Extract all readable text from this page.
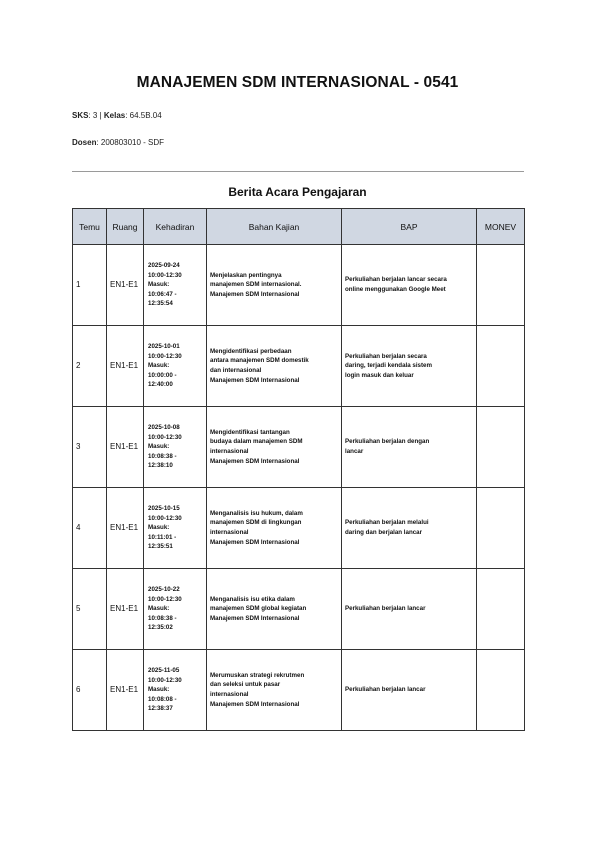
MANAJEMEN SDM INTERNASIONAL - 0541
SKS: 3 | Kelas: 64.5B.04
Dosen: 200803010 - SDF
Berita Acara Pengajaran
Temu	Ruang	Kehadiran	Bahan Kajian	BAP	MONEV
1	EN1-E1	2025-09-24
10:00-12:30
Masuk:
10:06:47 -
12:35:54	Menjelaskan pentingnya
manajemen SDM internasional.
Manajemen SDM Internasional	Perkuliahan berjalan lancar secara
online menggunakan Google Meet	

2	EN1-E1	2025-10-01
10:00-12:30
Masuk:
10:00:00 -
12:40:00	Mengidentifikasi perbedaan
antara manajemen SDM domestik
dan internasional
Manajemen SDM Internasional	Perkuliahan berjalan secara
daring, terjadi kendala sistem
login masuk dan keluar	

3	EN1-E1	2025-10-08
10:00-12:30
Masuk:
10:08:38 -
12:38:10	Mengidentifikasi tantangan
budaya dalam manajemen SDM
internasional
Manajemen SDM Internasional	Perkuliahan berjalan dengan
lancar	

4	EN1-E1	2025-10-15
10:00-12:30
Masuk:
10:11:01 -
12:35:51	Menganalisis isu hukum, dalam
manajemen SDM di lingkungan
internasional
Manajemen SDM Internasional	Perkuliahan berjalan melalui
daring dan berjalan lancar	

5	EN1-E1	2025-10-22
10:00-12:30
Masuk:
10:08:38 -
12:35:02	Menganalisis isu etika dalam
manajemen SDM global kegiatan
Manajemen SDM Internasional	Perkuliahan berjalan lancar	

6	EN1-E1	2025-11-05
10:00-12:30
Masuk:
10:08:08 -
12:38:37	Merumuskan strategi rekrutmen
dan seleksi untuk pasar
internasional
Manajemen SDM Internasional	Perkuliahan berjalan lancar	
